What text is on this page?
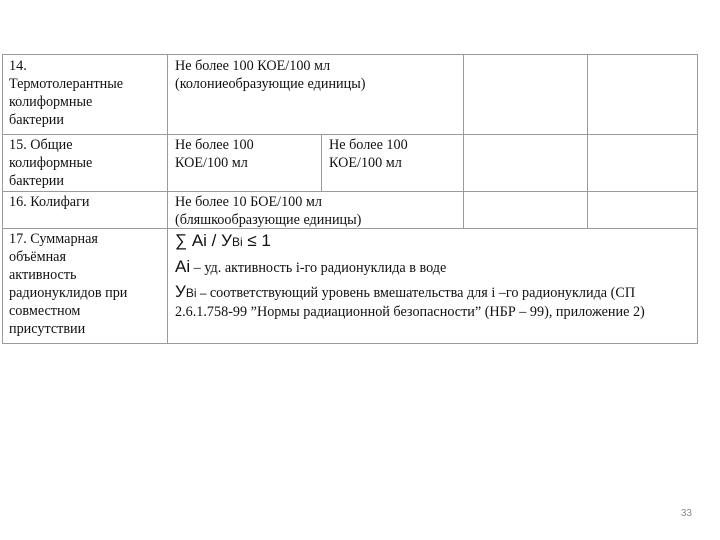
14.
Термотолерантные
колиформные
бактерии
Не более 100 КОЕ/100 мл
(колониеобразующие единицы)
15. Общие
колиформные
бактерии
Не более 100
КОЕ/100 мл
Не более 100
КОЕ/100 мл
16. Колифаги	Не более 10 БОЕ/100 мл
(бляшкообразующие единицы)
17. Суммарная
объёмная
активность
радионуклидов при
совместном
присутствии
∑ Аi / УBi ≤ 1
Аi – уд. активность i-го радионуклида в воде
УBi – соответствующий уровень вмешательства для i –го радионуклида (СП
2.6.1.758-99 ”Нормы радиационной безопасности” (НБР – 99), приложение 2)
33
